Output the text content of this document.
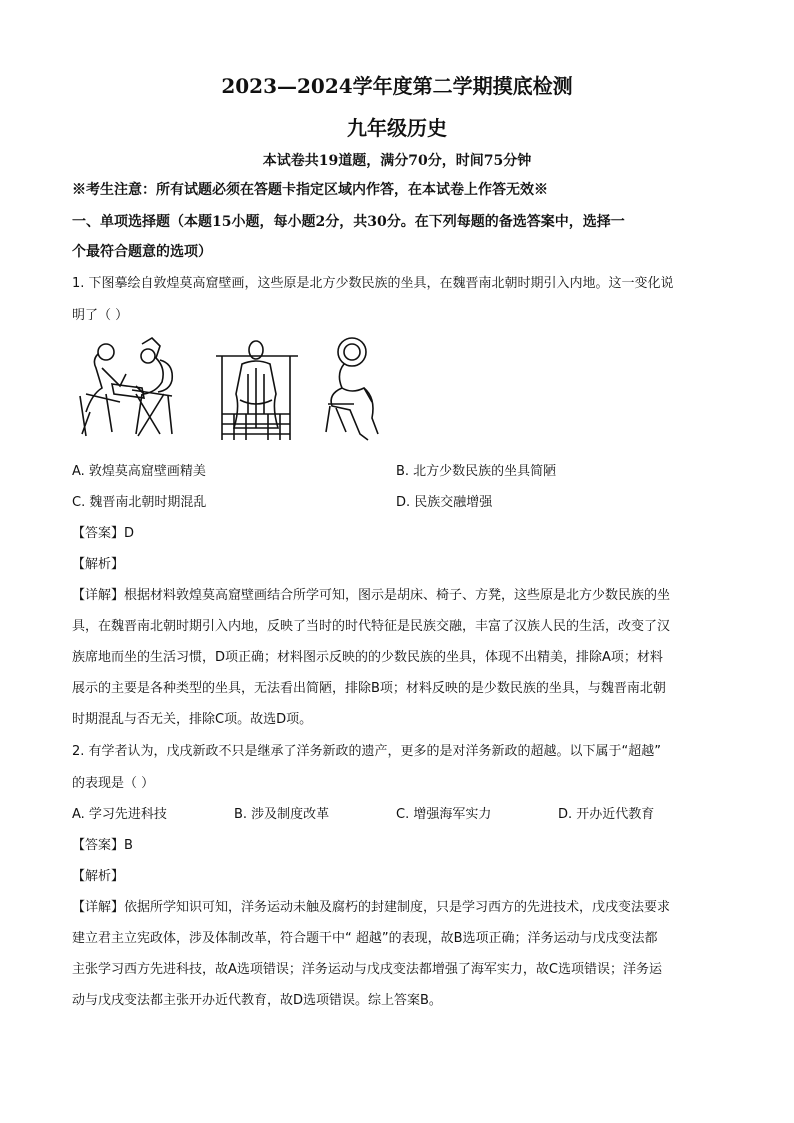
2023—2024学年度第二学期摸底检测
九年级历史
本试卷共19道题，满分70分，时间75分钟
※考生注意：所有试题必须在答题卡指定区域内作答，在本试卷上作答无效※
一、单项选择题（本题15小题，每小题2分，共30分。在下列每题的备选答案中，选择一
个最符合题意的选项）
1. 下图摹绘自敦煌莫高窟壁画，这些原是北方少数民族的坐具，在魏晋南北朝时期引入内地。这一变化说
明了（ ）
A. 敦煌莫高窟壁画精美	B. 北方少数民族的坐具简陋
C. 魏晋南北朝时期混乱	D. 民族交融增强
【答案】D
【解析】
【详解】根据材料敦煌莫高窟壁画结合所学可知，图示是胡床、椅子、方凳，这些原是北方少数民族的坐
具，在魏晋南北朝时期引入内地，反映了当时的时代特征是民族交融，丰富了汉族人民的生活，改变了汉
族席地而坐的生活习惯，D项正确；材料图示反映的的少数民族的坐具，体现不出精美，排除A项；材料
展示的主要是各种类型的坐具，无法看出简陋，排除B项；材料反映的是少数民族的坐具，与魏晋南北朝
时期混乱与否无关，排除C项。故选D项。
2. 有学者认为，戊戌新政不只是继承了洋务新政的遗产，更多的是对洋务新政的超越。以下属于“超越”
的表现是（ ）
A. 学习先进科技	B. 涉及制度改革	C. 增强海军实力	D. 开办近代教育
【答案】B
【解析】
【详解】依据所学知识可知，洋务运动未触及腐朽的封建制度，只是学习西方的先进技术，戊戌变法要求
建立君主立宪政体，涉及体制改革，符合题干中“ 超越”的表现，故B选项正确；洋务运动与戊戌变法都
主张学习西方先进科技，故A选项错误；洋务运动与戊戌变法都增强了海军实力，故C选项错误；洋务运
动与戊戌变法都主张开办近代教育，故D选项错误。综上答案B。
